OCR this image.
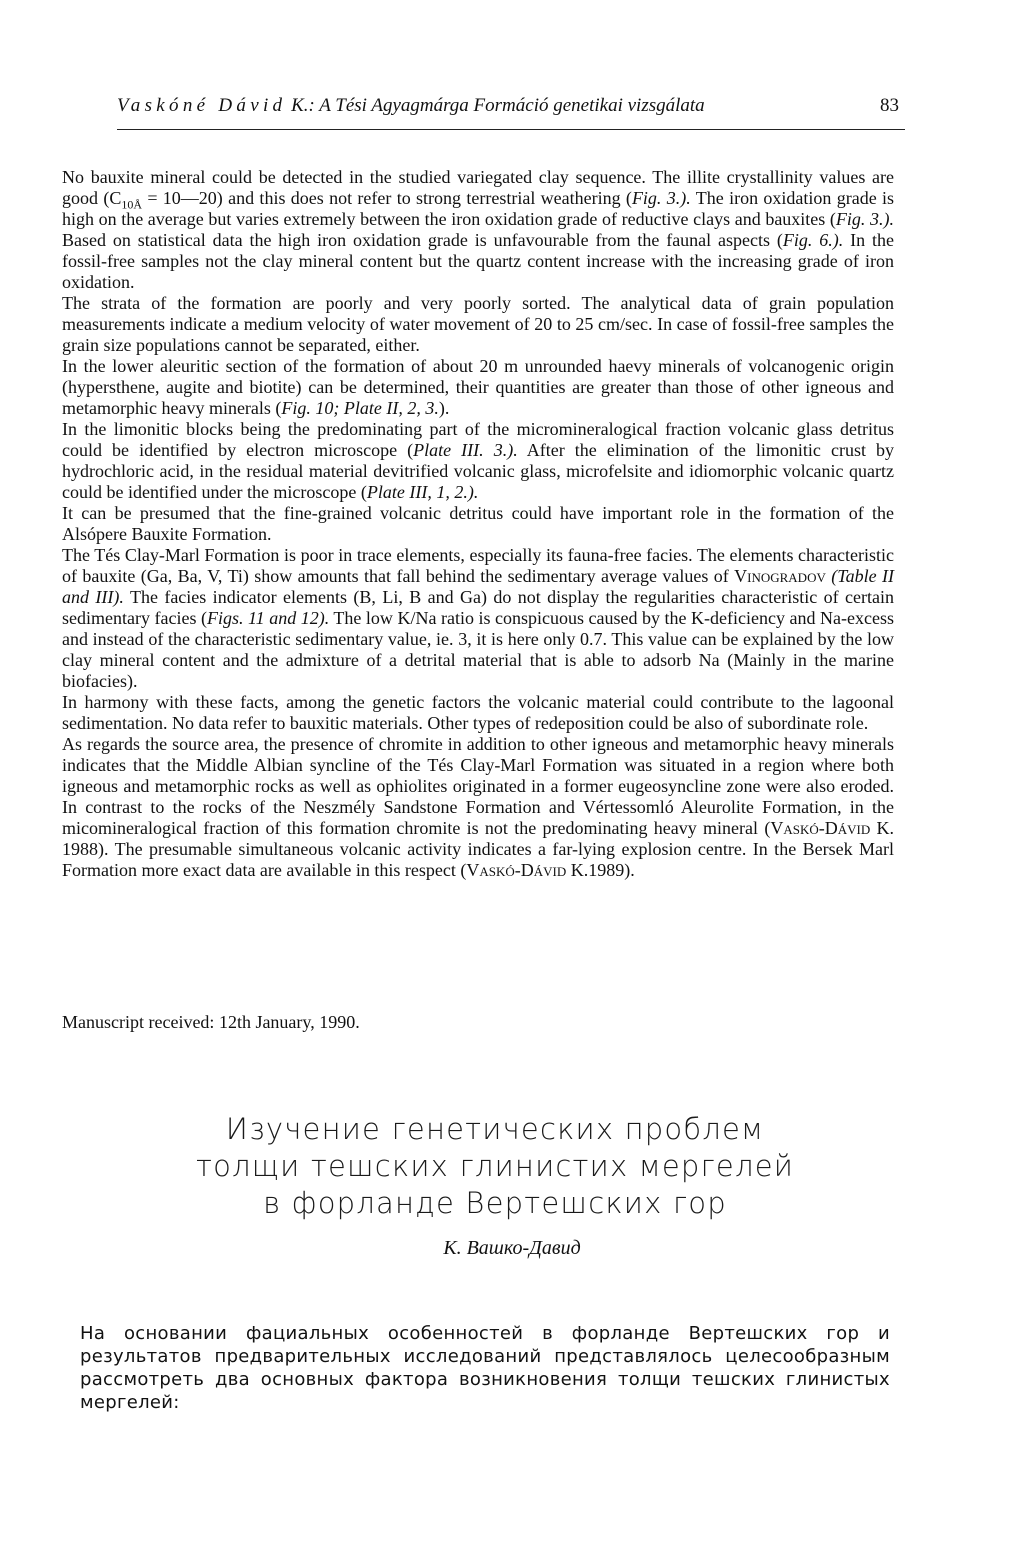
Vaskóné Dávid K.: A Tési Agyagmárga Formáció genetikai vizsgálata	83

No bauxite mineral could be detected in the studied variegated clay sequence. The illite crystallinity values are good ($C_{10Å}$ = 10—20) and this does not refer to strong terrestrial weathering (Fig. 3.). The iron oxidation grade is high on the average but varies extremely between the iron oxidation grade of reductive clays and bauxites (Fig. 3.). Based on statistical data the high iron oxidation grade is unfavourable from the faunal aspects (Fig. 6.). In the fossil-free samples not the clay mineral content but the quartz content increase with the increasing grade of iron oxidation.

The strata of the formation are poorly and very poorly sorted. The analytical data of grain population measurements indicate a medium velocity of water movement of 20 to 25 cm/sec. In case of fossil-free samples the grain size populations cannot be separated, either.

In the lower aleuritic section of the formation of about 20 m unrounded haevy minerals of volcanogenic origin (hypersthene, augite and biotite) can be determined, their quantities are greater than those of other igneous and metamorphic heavy minerals (Fig. 10; Plate II, 2, 3.).

In the limonitic blocks being the predominating part of the micromineralogical fraction volcanic glass detritus could be identified by electron microscope (Plate III. 3.). After the elimination of the limonitic crust by hydrochloric acid, in the residual material devitrified volcanic glass, microfelsite and idiomorphic volcanic quartz could be identified under the microscope (Plate III, 1, 2.).

It can be presumed that the fine-grained volcanic detritus could have important role in the formation of the Alsópere Bauxite Formation.

The Tés Clay-Marl Formation is poor in trace elements, especially its fauna-free facies. The elements characteristic of bauxite (Ga, Ba, V, Ti) show amounts that fall behind the sedimentary average values of Vinogradov (Table II and III). The facies indicator elements (B, Li, B and Ga) do not display the regularities characteristic of certain sedimentary facies (Figs. 11 and 12). The low K/Na ratio is conspicuous caused by the K-deficiency and Na-excess and instead of the characteristic sedimentary value, ie. 3, it is here only 0.7. This value can be explained by the low clay mineral content and the admixture of a detrital material that is able to adsorb Na (Mainly in the marine biofacies).

In harmony with these facts, among the genetic factors the volcanic material could contribute to the lagoonal sedimentation. No data refer to bauxitic materials. Other types of redeposition could be also of subordinate role.

As regards the source area, the presence of chromite in addition to other igneous and metamorphic heavy minerals indicates that the Middle Albian syncline of the Tés Clay-Marl Formation was situated in a region where both igneous and metamorphic rocks as well as ophiolites originated in a former eugeosyncline zone were also eroded. In contrast to the rocks of the Neszmély Sandstone Formation and Vértessomló Aleurolite Formation, in the micomineralogical fraction of this formation chromite is not the predominating heavy mineral (Vaskó-Dávid K. 1988). The presumable simultaneous volcanic activity indicates a far-lying explosion centre. In the Bersek Marl Formation more exact data are available in this respect (Vaskó-Dávid K.1989).

Manuscript received: 12th January, 1990.
Изучение генетических проблем
толщи тешских глинистих мергелей
в форланде Вертешских гор
К. Вашко-Давид
На основании фациальных особенностей в форланде Вертешских гор и результатов предварительных исследований представлялось целесообразным рассмотреть два основных фактора возникновения толщи тешских глинистых мергелей:
